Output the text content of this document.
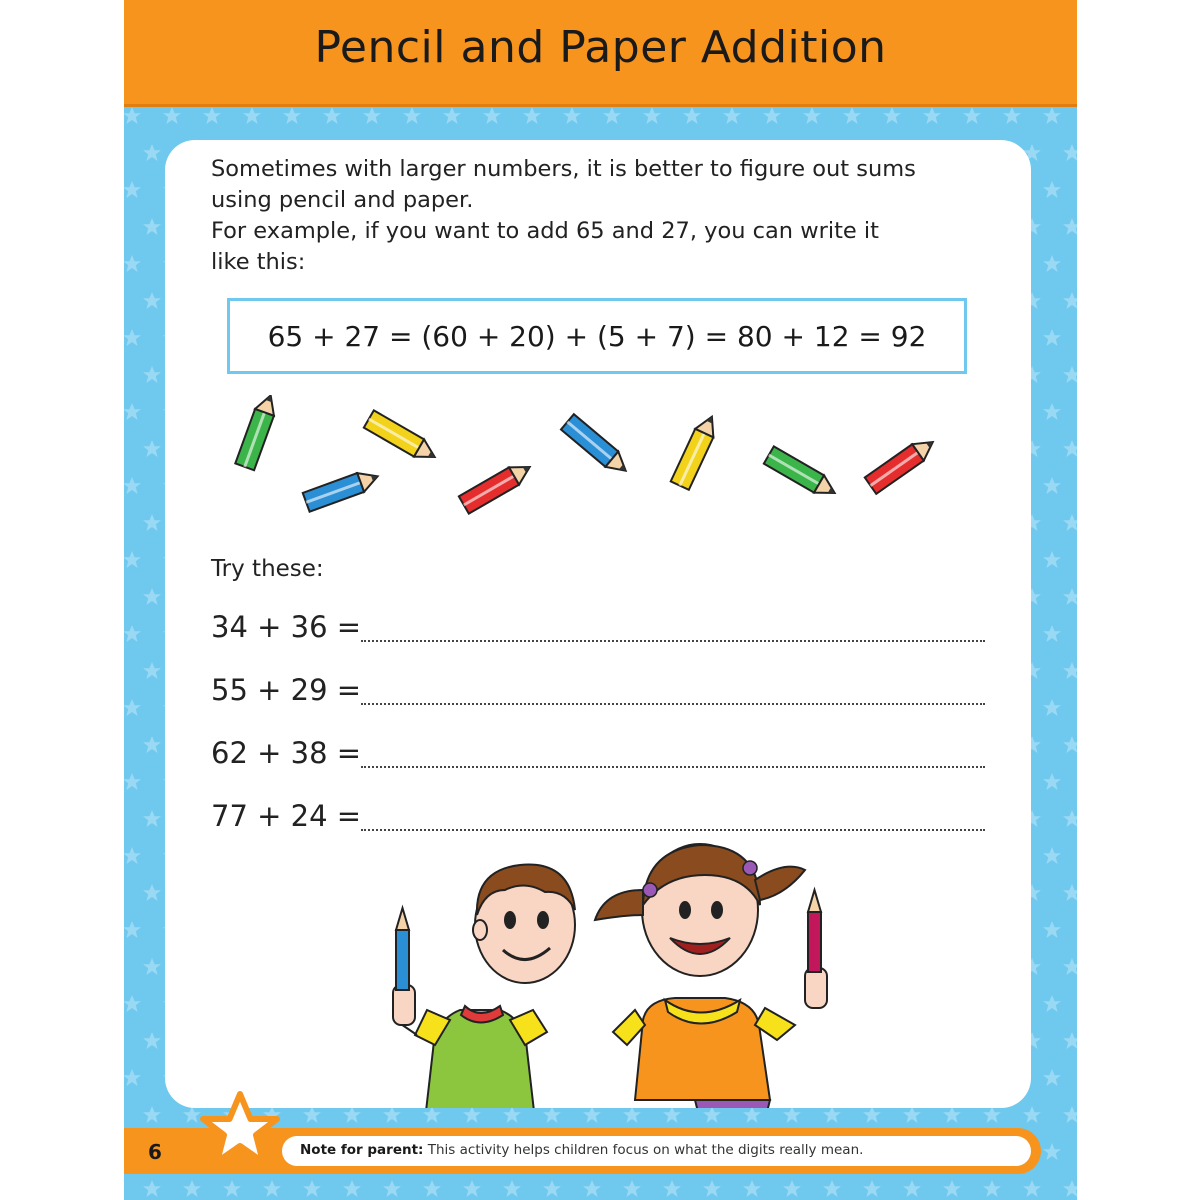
Pencil and Paper Addition
Sometimes with larger numbers, it is better to figure out sums
using pencil and paper.
For example, if you want to add 65 and 27, you can write it
like this:
65 + 27 = (60 + 20) + (5 + 7) = 80 + 12 = 92
Try these:
34 + 36 =
55 + 29 =
62 + 38 =
77 + 24 =
6	Note for parent: This activity helps children focus on what the digits really mean.
